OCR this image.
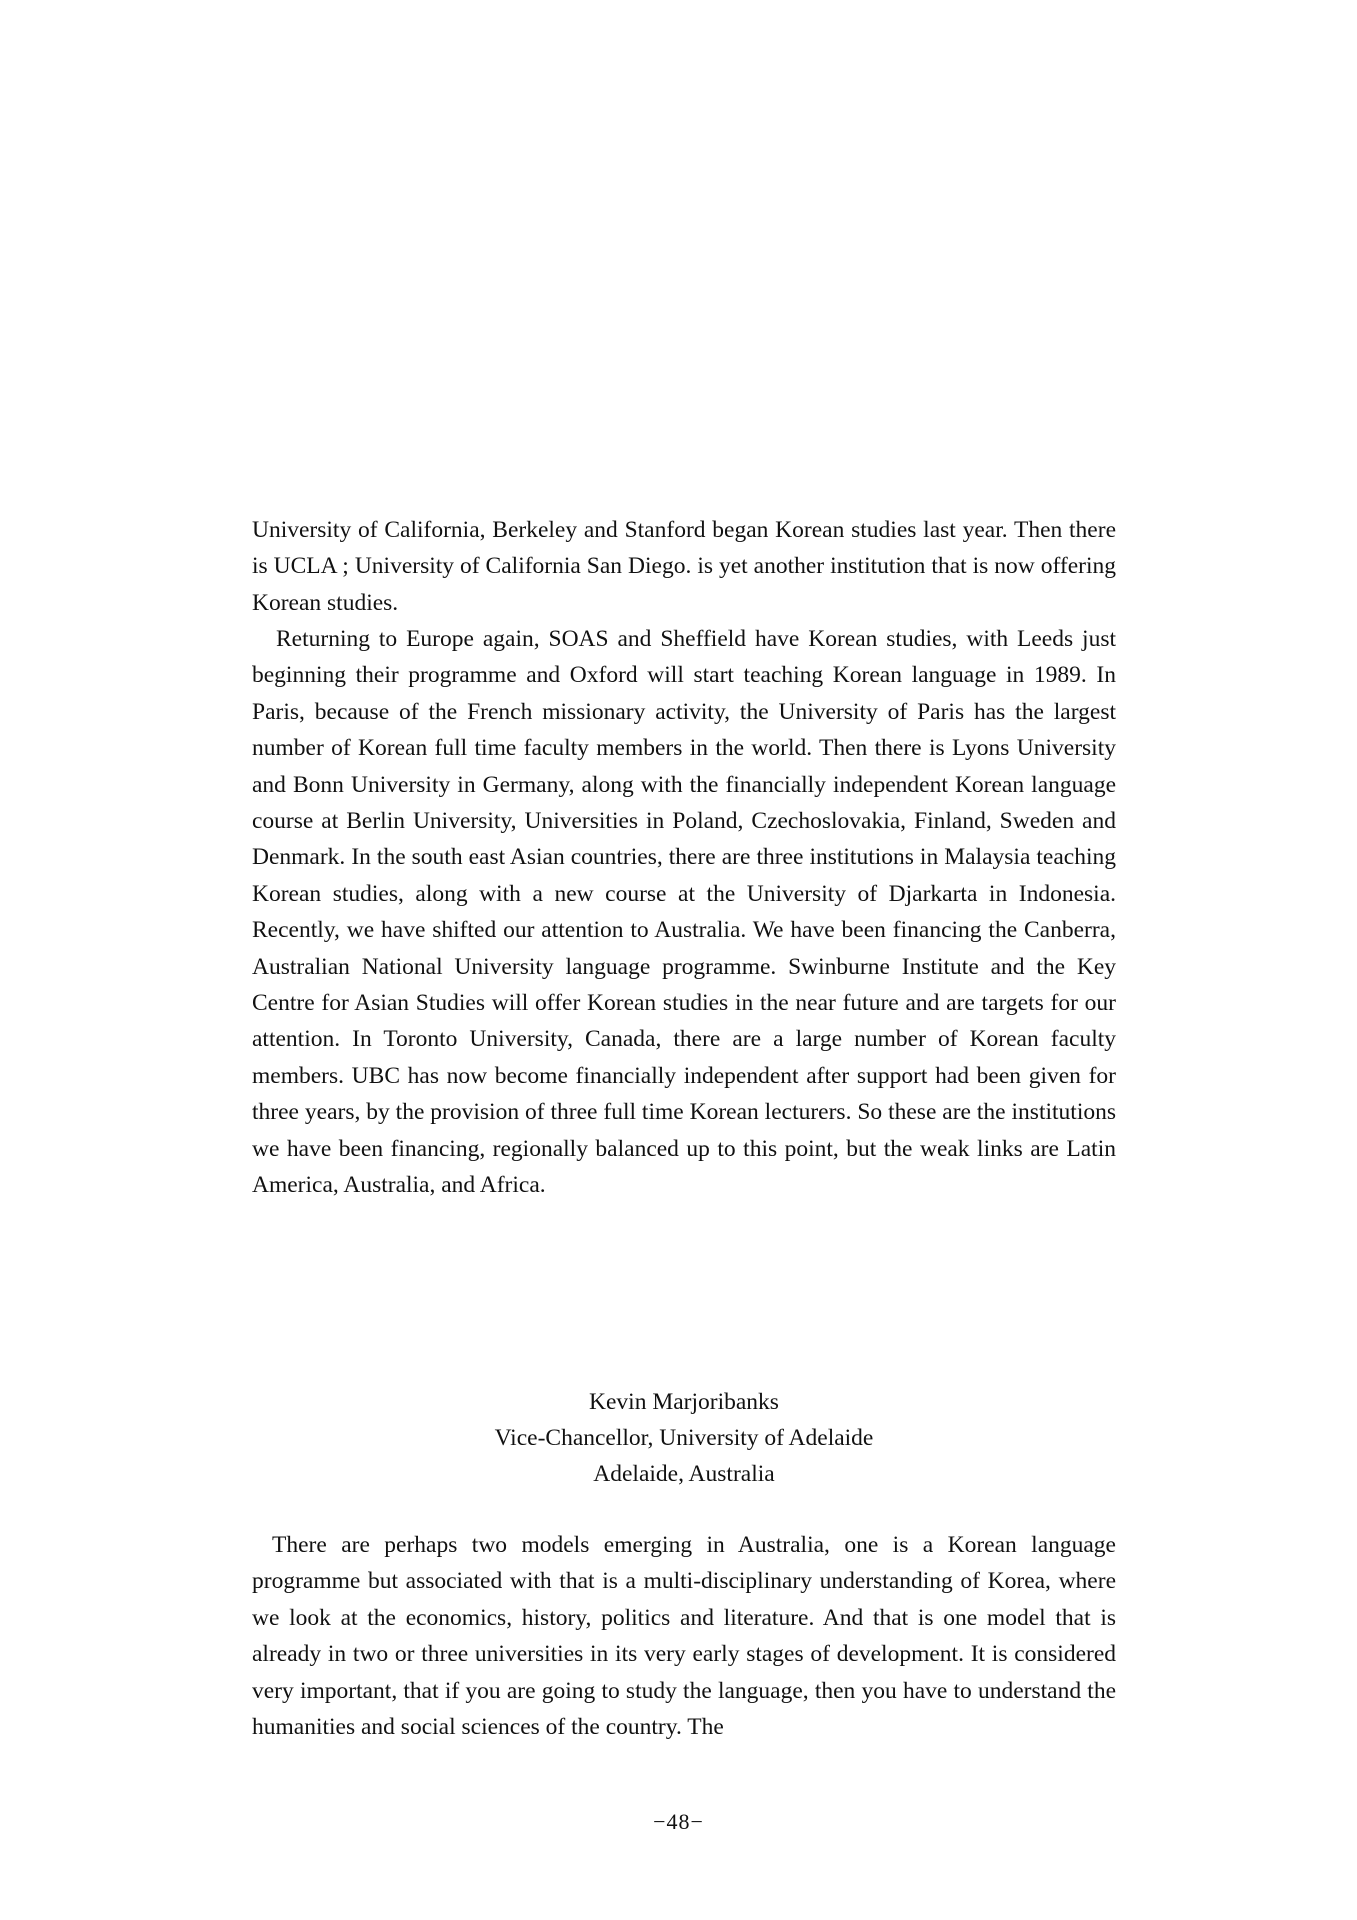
University of California, Berkeley and Stanford began Korean studies last year. Then there is UCLA ; University of California San Diego. is yet another institution that is now offering Korean studies.

Returning to Europe again, SOAS and Sheffield have Korean studies, with Leeds just beginning their programme and Oxford will start teaching Korean language in 1989. In Paris, because of the French missionary activity, the University of Paris has the largest number of Korean full time faculty members in the world. Then there is Lyons University and Bonn University in Germany, along with the financially independent Korean language course at Berlin University, Universities in Poland, Czechoslovakia, Finland, Sweden and Denmark. In the south east Asian countries, there are three institutions in Malaysia teaching Korean studies, along with a new course at the University of Djarkarta in Indonesia. Recently, we have shifted our attention to Australia. We have been financing the Canberra, Australian National University language programme. Swinburne Institute and the Key Centre for Asian Studies will offer Korean studies in the near future and are targets for our attention. In Toronto University, Canada, there are a large number of Korean faculty members. UBC has now become financially independent after support had been given for three years, by the provision of three full time Korean lecturers. So these are the institutions we have been financing, regionally balanced up to this point, but the weak links are Latin America, Australia, and Africa.

Kevin Marjoribanks
Vice-Chancellor, University of Adelaide
Adelaide, Australia

There are perhaps two models emerging in Australia, one is a Korean language programme but associated with that is a multi-disciplinary understanding of Korea, where we look at the economics, history, politics and literature. And that is one model that is already in two or three universities in its very early stages of development. It is considered very important, that if you are going to study the language, then you have to understand the humanities and social sciences of the country. The

−48−
